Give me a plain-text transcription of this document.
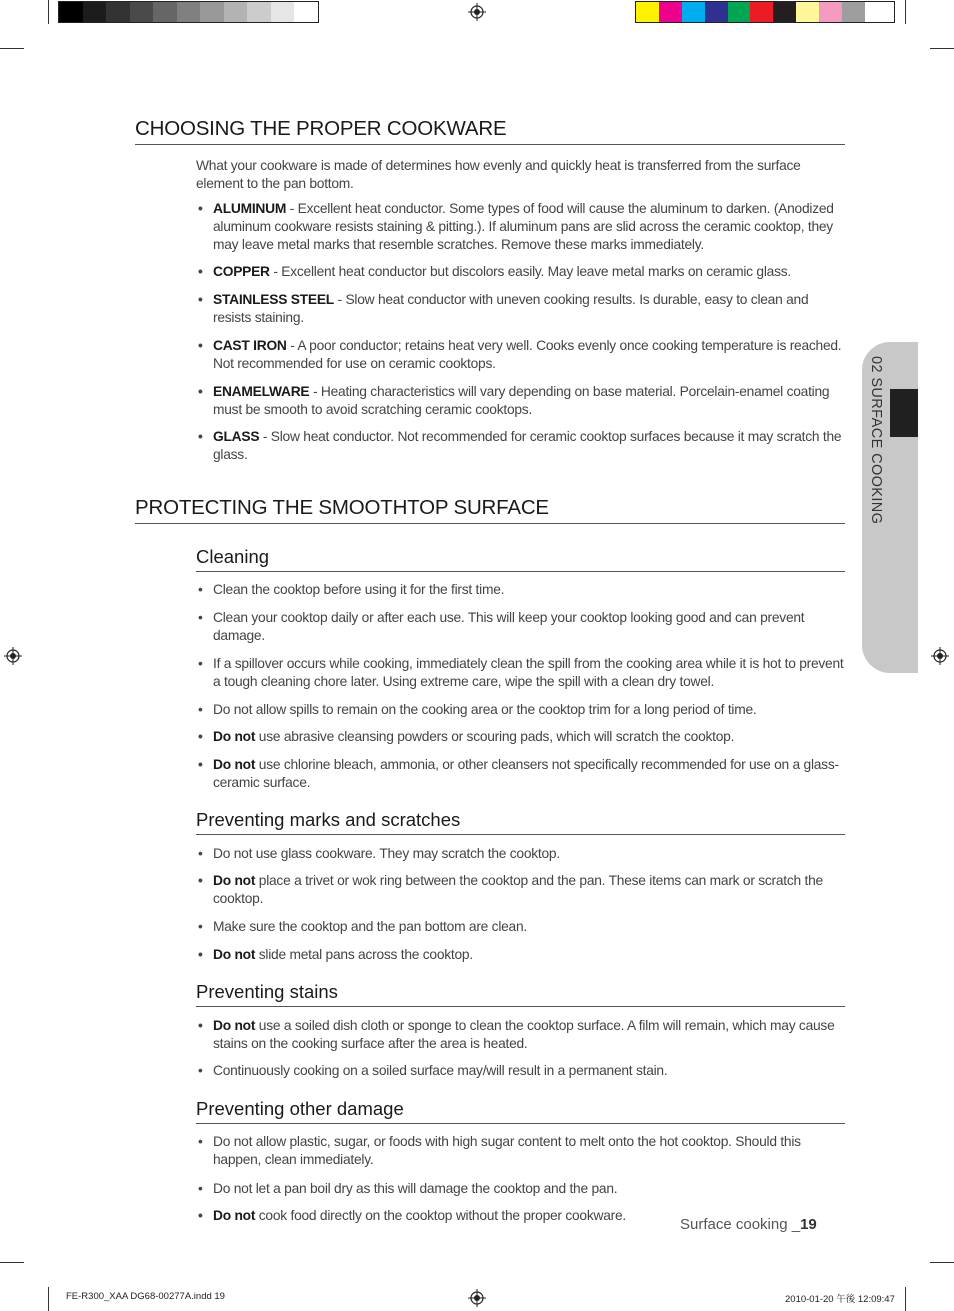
02 SURFACE COOKING
CHOOSING THE PROPER COOKWARE
What your cookware is made of determines how evenly and quickly heat is transferred from the surface element to the pan bottom.
• ALUMINUM - Excellent heat conductor. Some types of food will cause the aluminum to darken. (Anodized aluminum cookware resists staining & pitting.). If aluminum pans are slid across the ceramic cooktop, they may leave metal marks that resemble scratches. Remove these marks immediately.
• COPPER - Excellent heat conductor but discolors easily. May leave metal marks on ceramic glass.
• STAINLESS STEEL - Slow heat conductor with uneven cooking results. Is durable, easy to clean and resists staining.
• CAST IRON - A poor conductor; retains heat very well. Cooks evenly once cooking temperature is reached. Not recommended for use on ceramic cooktops.
• ENAMELWARE - Heating characteristics will vary depending on base material. Porcelain-enamel coating must be smooth to avoid scratching ceramic cooktops.
• GLASS - Slow heat conductor. Not recommended for ceramic cooktop surfaces because it may scratch the glass.
PROTECTING THE SMOOTHTOP SURFACE
Cleaning
• Clean the cooktop before using it for the first time.
• Clean your cooktop daily or after each use. This will keep your cooktop looking good and can prevent damage.
• If a spillover occurs while cooking, immediately clean the spill from the cooking area while it is hot to prevent a tough cleaning chore later. Using extreme care, wipe the spill with a clean dry towel.
• Do not allow spills to remain on the cooking area or the cooktop trim for a long period of time.
• Do not use abrasive cleansing powders or scouring pads, which will scratch the cooktop.
• Do not use chlorine bleach, ammonia, or other cleansers not specifically recommended for use on a glass-ceramic surface.
Preventing marks and scratches
• Do not use glass cookware. They may scratch the cooktop.
• Do not place a trivet or wok ring between the cooktop and the pan. These items can mark or scratch the cooktop.
• Make sure the cooktop and the pan bottom are clean.
• Do not slide metal pans across the cooktop.
Preventing stains
• Do not use a soiled dish cloth or sponge to clean the cooktop surface. A film will remain, which may cause stains on the cooking surface after the area is heated.
• Continuously cooking on a soiled surface may/will result in a permanent stain.
Preventing other damage
• Do not allow plastic, sugar, or foods with high sugar content to melt onto the hot cooktop. Should this happen, clean immediately.
• Do not let a pan boil dry as this will damage the cooktop and the pan.
• Do not cook food directly on the cooktop without the proper cookware.
Surface cooking _19
FE-R300_XAA DG68-00277A.indd 19	2010-01-20 午後 12:09:47
